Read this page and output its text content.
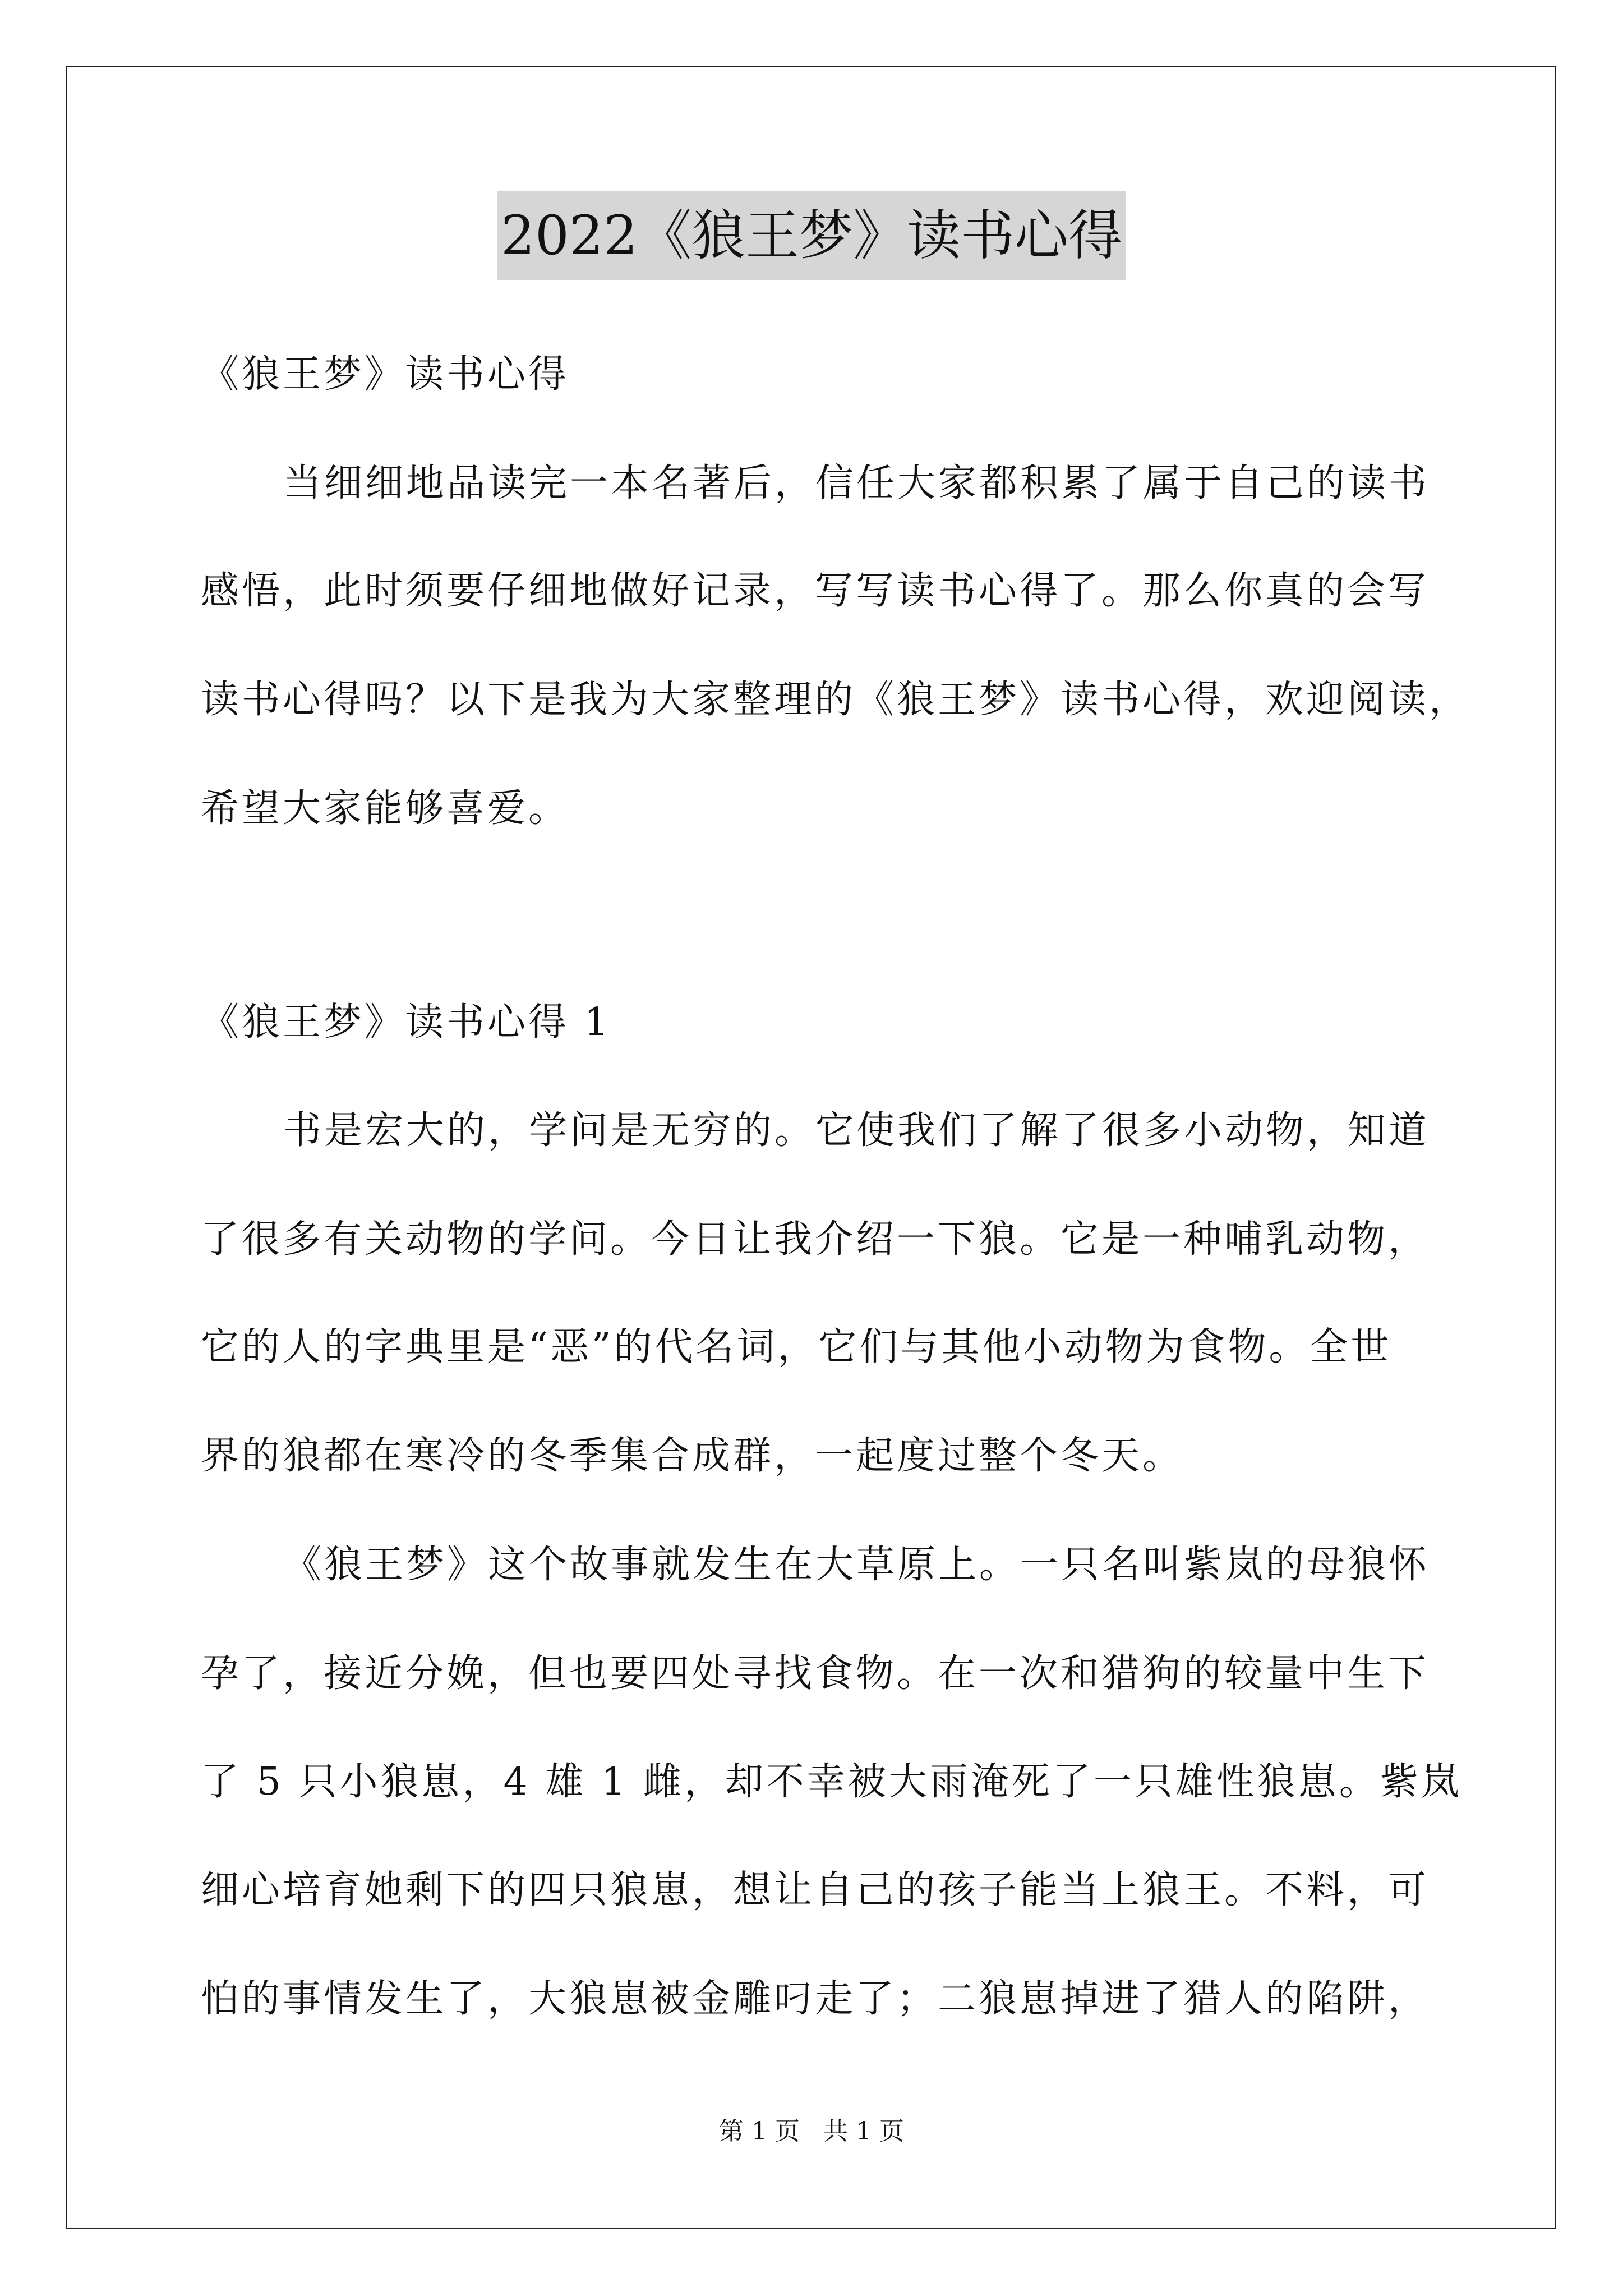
2022《狼王梦》读书心得
《狼王梦》读书心得
当细细地品读完一本名著后，信任大家都积累了属于自己的读书
感悟，此时须要仔细地做好记录，写写读书心得了。那么你真的会写
读书心得吗？以下是我为大家整理的《狼王梦》读书心得，欢迎阅读，
希望大家能够喜爱。
《狼王梦》读书心得 1
书是宏大的，学问是无穷的。它使我们了解了很多小动物，知道
了很多有关动物的学问。今日让我介绍一下狼。它是一种哺乳动物，
它的人的字典里是“恶”的代名词，它们与其他小动物为食物。全世
界的狼都在寒冷的冬季集合成群，一起度过整个冬天。
《狼王梦》这个故事就发生在大草原上。一只名叫紫岚的母狼怀
孕了，接近分娩，但也要四处寻找食物。在一次和猎狗的较量中生下
了 5 只小狼崽，4 雄 1 雌，却不幸被大雨淹死了一只雄性狼崽。紫岚
细心培育她剩下的四只狼崽，想让自己的孩子能当上狼王。不料，可
怕的事情发生了，大狼崽被金雕叼走了；二狼崽掉进了猎人的陷阱，
第 1 页   共 1 页
